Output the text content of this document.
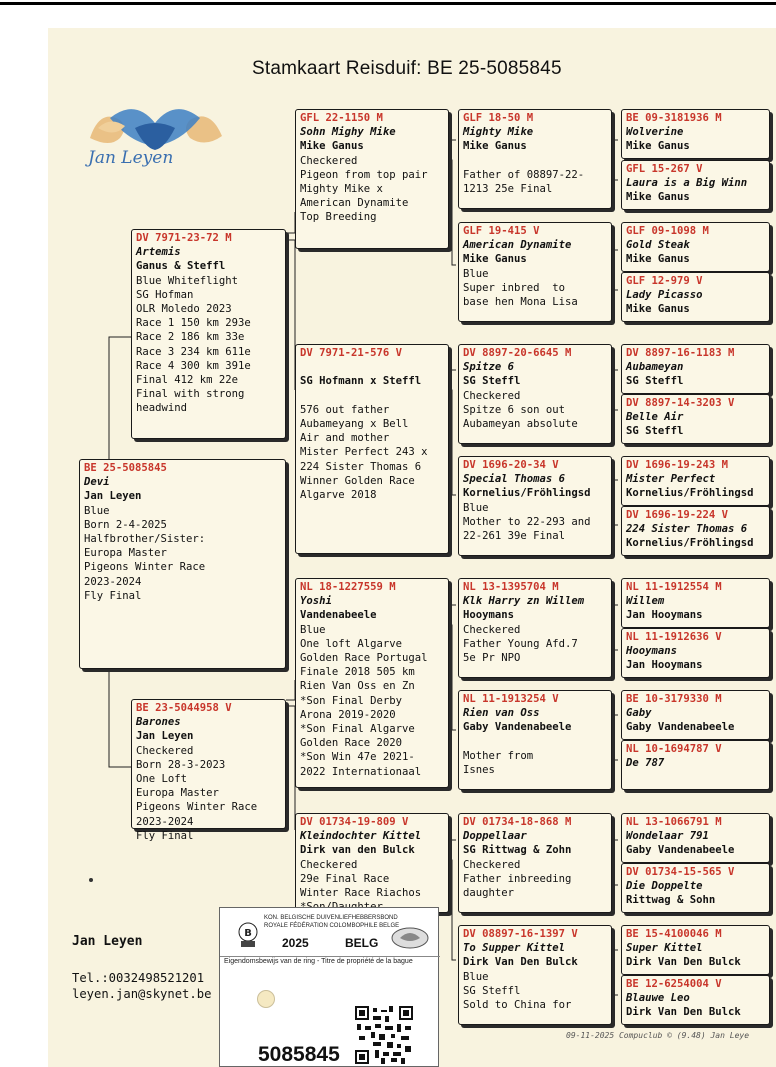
Stamkaart Reisduif: BE 25-5085845
Jan Leyen
BE 25-5085845
Devi
Jan Leyen
Blue
Born 2-4-2025
Halfbrother/Sister:
Europa Master
Pigeons Winter Race
2023-2024
Fly Final
DV 7971-23-72 M
Artemis
Ganus & Steffl
Blue Whiteflight
SG Hofman
OLR Moledo 2023
Race 1 150 km 293e
Race 2 186 km 33e
Race 3 234 km 611e
Race 4 300 km 391e
Final 412 km 22e
Final with strong
headwind
BE 23-5044958 V
Barones
Jan Leyen
Checkered
Born 28-3-2023
One Loft
Europa Master
Pigeons Winter Race
2023-2024
Fly Final
GFL 22-1150 M
Sohn Mighy Mike
Mike Ganus
Checkered
Pigeon from top pair
Mighty Mike x
American Dynamite
Top Breeding
DV 7971-21-576 V

SG Hofmann x Steffl

576 out father
Aubameyang x Bell
Air and mother
Mister Perfect 243 x
224 Sister Thomas 6
Winner Golden Race
Algarve 2018
NL 18-1227559 M
Yoshi
Vandenabeele
Blue
One loft Algarve
Golden Race Portugal
Finale 2018 505 km
Rien Van Oss en Zn
*Son Final Derby
Arona 2019-2020
*Son Final Algarve
Golden Race 2020
*Son Win 47e 2021-
2022 Internationaal
DV 01734-19-809 V
Kleindochter Kittel
Dirk van den Bulck
Checkered
29e Final Race
Winter Race Riachos
GLF 18-50 M
Mighty Mike
Mike Ganus

Father of 08897-22-
1213 25e Final
GLF 19-415 V
American Dynamite
Mike Ganus
Blue
Super inbred  to
base hen Mona Lisa
DV 8897-20-6645 M
Spitze 6
SG Steffl
Checkered
Spitze 6 son out
Aubameyan absolute
DV 1696-20-34 V
Special Thomas 6
Kornelius/Fröhlingsd
Blue
Mother to 22-293 and
22-261 39e Final
NL 13-1395704 M
Klk Harry zn Willem
Hooymans
Checkered
Father Young Afd.7
5e Pr NPO
NL 11-1913254 V
Rien van Oss
Gaby Vandenabeele

Mother from
Isnes
DV 01734-18-868 M
Doppellaar
SG Rittwag & Zohn
Checkered
Father inbreeding
daughter
DV 08897-16-1397 V
To Supper Kittel
Dirk Van Den Bulck
Blue
SG Steffl
Sold to China for
BE 09-3181936 M
Wolverine
Mike Ganus
GFL 15-267 V
Laura is a Big Winn
Mike Ganus
GLF 09-1098 M
Gold Steak
Mike Ganus
GLF 12-979 V
Lady Picasso
Mike Ganus
DV 8897-16-1183 M
Aubameyan
SG Steffl
DV 8897-14-3203 V
Belle Air
SG Steffl
DV 1696-19-243 M
Mister Perfect
Kornelius/Fröhlingsd
DV 1696-19-224 V
224 Sister Thomas 6
Kornelius/Fröhlingsd
NL 11-1912554 M
Willem
Jan Hooymans
NL 11-1912636 V
Hooymans
Jan Hooymans
BE 10-3179330 M
Gaby
Gaby Vandenabeele
NL 10-1694787 V
De 787
NL 13-1066791 M
Wondelaar 791
Gaby Vandenabeele
DV 01734-15-565 V
Die Doppelte
Rittwag & Sohn
BE 15-4100046 M
Super Kittel
Dirk Van Den Bulck
BE 12-6254004 V
Blauwe Leo
Dirk Van Den Bulck
Jan Leyen
Tel.:0032498521201
leyen.jan@skynet.be
09-11-2025 Compuclub © (9.48) Jan Leye
B
KON. BELGISCHE DUIVENLIEFHEBBERSBOND
ROYALE FÉDÉRATION COLOMBOPHILE BELGE
2025	BELG
Eigendomsbewijs van de ring - Titre de propriété de la bague
5085845
